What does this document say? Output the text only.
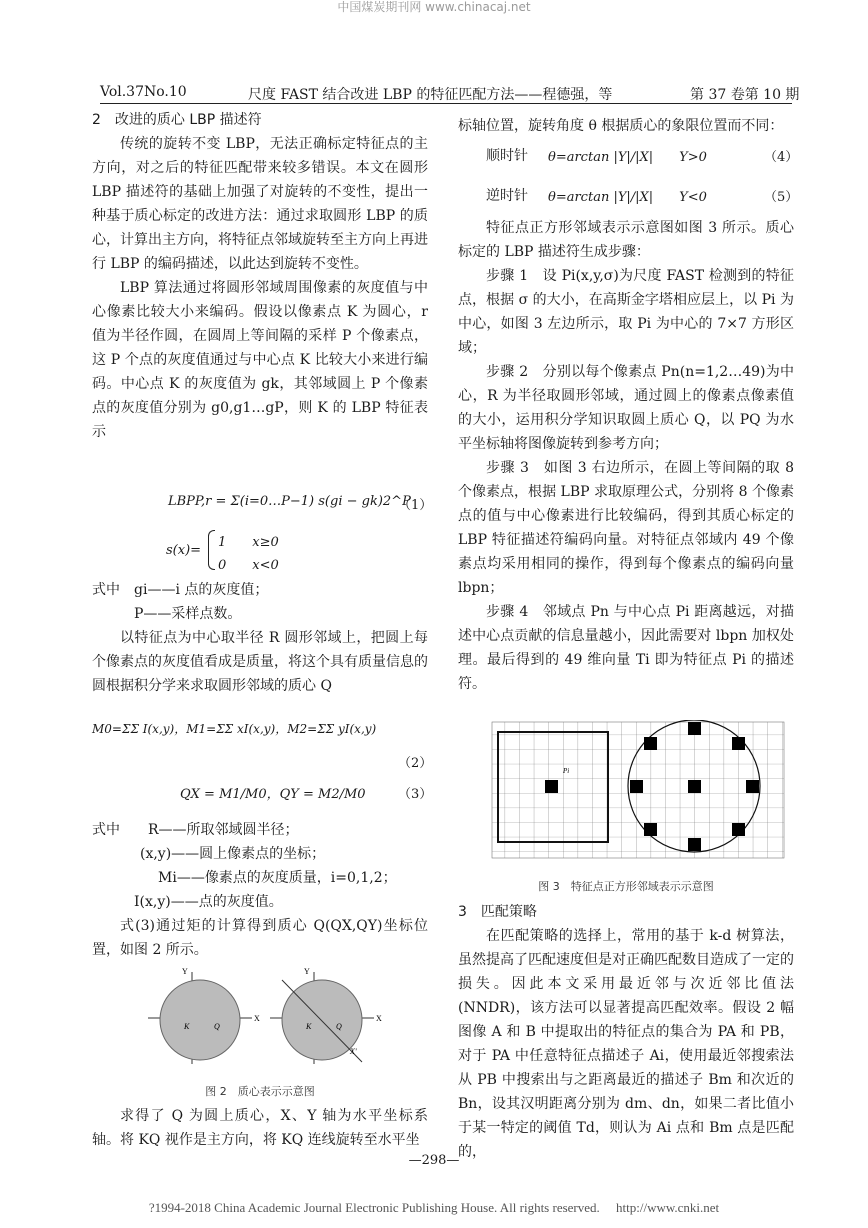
中国煤炭期刊网 www.chinacaj.net
Vol.37No.10	尺度 FAST 结合改进 LBP 的特征匹配方法——程德强，等	第 37 卷第 10 期

2　改进的质心 LBP 描述符

传统的旋转不变 LBP，无法正确标定特征点的主方向，对之后的特征匹配带来较多错误。本文在圆形 LBP 描述符的基础上加强了对旋转的不变性，提出一种基于质心标定的改进方法：通过求取圆形 LBP 的质心，计算出主方向，将特征点邻域旋转至主方向上再进行 LBP 的编码描述，以此达到旋转不变性。

LBP 算法通过将圆形邻域周围像素的灰度值与中心像素比较大小来编码。假设以像素点 K 为圆心，r 值为半径作圆，在圆周上等间隔的采样 P 个像素点，这 P 个点的灰度值通过与中心点 K 比较大小来进行编码。中心点 K 的灰度值为 gk，其邻域圆上 P 个像素点的灰度值分别为 g0,g1…gP，则 K 的 LBP 特征表示

LBPP,r = Σ(i=0…P−1) s(gi − gk)2^P
（1）
s(x)=
1　　x≥0
0　　x<0

式中　gi——i 点的灰度值；

P——采样点数。

以特征点为中心取半径 R 圆形邻域上，把圆上每个像素点的灰度值看成是质量，将这个具有质量信息的圆根据积分学来求取圆形邻域的质心 Q

M0=ΣΣ I(x,y)，M1=ΣΣ xI(x,y)，M2=ΣΣ yI(x,y)
（2）
QX = M1/M0，QY = M2/M0 （3）

式中　　R——所取邻域圆半径；

(x,y)——圆上像素点的坐标；

Mi——像素点的灰度质量，i=0,1,2；

I(x,y)——点的灰度值。

式(3)通过矩的计算得到质心 Q(QX,QY)坐标位置，如图 2 所示。

Y
X
K	Q
Y
X
K	Q
X'
图 2　质心表示示意图

求得了 Q 为圆上质心，X、Y 轴为水平坐标系轴。将 KQ 视作是主方向，将 KQ 连线旋转至水平坐

标轴位置，旋转角度 θ 根据质心的象限位置而不同：

顺时针 θ=arctan |Y|/|X|　　Y>0	（4）
逆时针 θ=arctan |Y|/|X|　　Y<0	（5）

特征点正方形邻域表示示意图如图 3 所示。质心标定的 LBP 描述符生成步骤：

步骤 1　设 Pi(x,y,σ)为尺度 FAST 检测到的特征点，根据 σ 的大小，在高斯金字塔相应层上，以 Pi 为中心，如图 3 左边所示，取 Pi 为中心的 7×7 方形区域；

步骤 2　分别以每个像素点 Pn(n=1,2…49)为中心，R 为半径取圆形邻域，通过圆上的像素点像素值的大小，运用积分学知识取圆上质心 Q，以 PQ 为水平坐标轴将图像旋转到参考方向；

步骤 3　如图 3 右边所示，在圆上等间隔的取 8 个像素点，根据 LBP 求取原理公式，分别将 8 个像素点的值与中心像素进行比较编码，得到其质心标定的 LBP 特征描述符编码向量。对特征点邻域内 49 个像素点均采用相同的操作，得到每个像素点的编码向量 lbpn；

步骤 4　邻域点 Pn 与中心点 Pi 距离越远，对描述中心点贡献的信息量越小，因此需要对 lbpn 加权处理。最后得到的 49 维向量 Ti 即为特征点 Pi 的描述符。

Pi
图 3　特征点正方形邻域表示示意图

3　匹配策略

在匹配策略的选择上，常用的基于 k-d 树算法，虽然提高了匹配速度但是对正确匹配数目造成了一定的损失。因此本文采用最近邻与次近邻比值法(NNDR)，该方法可以显著提高匹配效率。假设 2 幅图像 A 和 B 中提取出的特征点的集合为 PA 和 PB，对于 PA 中任意特征点描述子 Ai，使用最近邻搜索法从 PB 中搜索出与之距离最近的描述子 Bm 和次近的 Bn，设其汉明距离分别为 dm、dn，如果二者比值小于某一特定的阈值 Td，则认为 Ai 点和 Bm 点是匹配的，

—298—
?1994-2018 China Academic Journal Electronic Publishing House. All rights reserved.　 http://www.cnki.net
